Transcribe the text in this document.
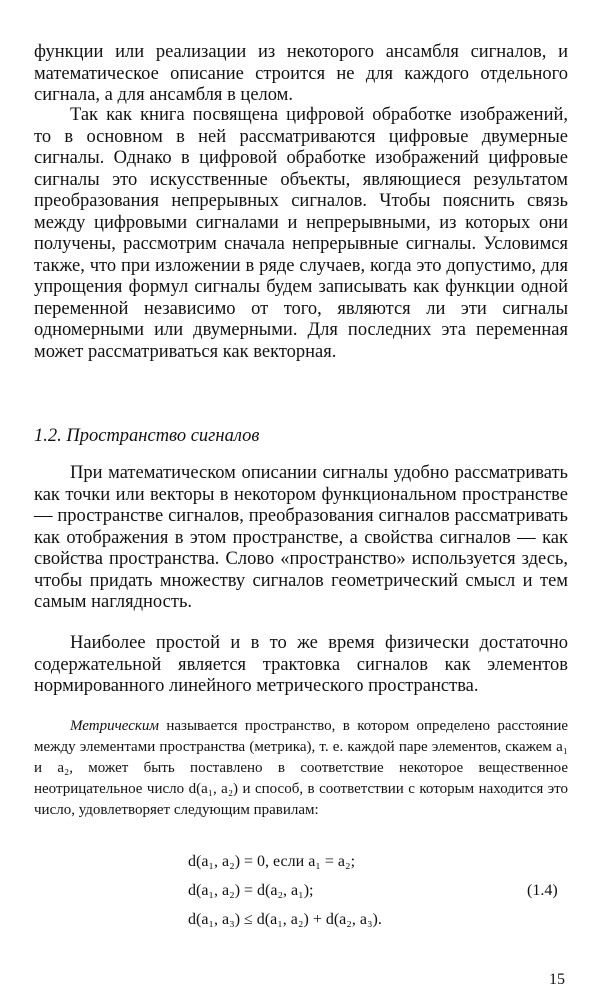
функции или реализации из некоторого ансамбля сигналов, и математическое описание строится не для каждого отдельного сигнала, а для ансамбля в целом.

Так как книга посвящена цифровой обработке изображений, то в основном в ней рассматриваются цифровые двумерные сигналы. Однако в цифровой обработке изображений цифровые сигналы это искусственные объекты, являющиеся результатом преобразования непрерывных сигналов. Чтобы пояснить связь между цифровыми сигналами и непрерывными, из которых они получены, рассмотрим сначала непрерывные сигналы. Условимся также, что при изложении в ряде случаев, когда это допустимо, для упрощения формул сигналы будем записывать как функции одной переменной независимо от того, являются ли эти сигналы одномерными или двумерными. Для последних эта переменная может рассматриваться как векторная.

1.2. Пространство сигналов

При математическом описании сигналы удобно рассматривать как точки или векторы в некотором функциональном пространстве — пространстве сигналов, преобразования сигналов рассматривать как отображения в этом пространстве, а свойства сигналов — как свойства пространства. Слово «пространство» используется здесь, чтобы придать множеству сигналов геометрический смысл и тем самым наглядность.

Наиболее простой и в то же время физически достаточно содержательной является трактовка сигналов как элементов нормированного линейного метрического пространства.

Метрическим называется пространство, в котором определено расстояние между элементами пространства (метрика), т. е. каждой паре элементов, скажем a₁ и a₂, может быть поставлено в соответствие некоторое вещественное неотрицательное число d(a₁, a₂) и способ, в соответствии с которым находится это число, удовлетворяет следующим правилам:

d(a₁, a₂) = 0, если a₁ = a₂;
d(a₁, a₂) = d(a₂, a₁);
d(a₁, a₃) ≤ d(a₁, a₂) + d(a₂, a₃).
(1.4)
15
